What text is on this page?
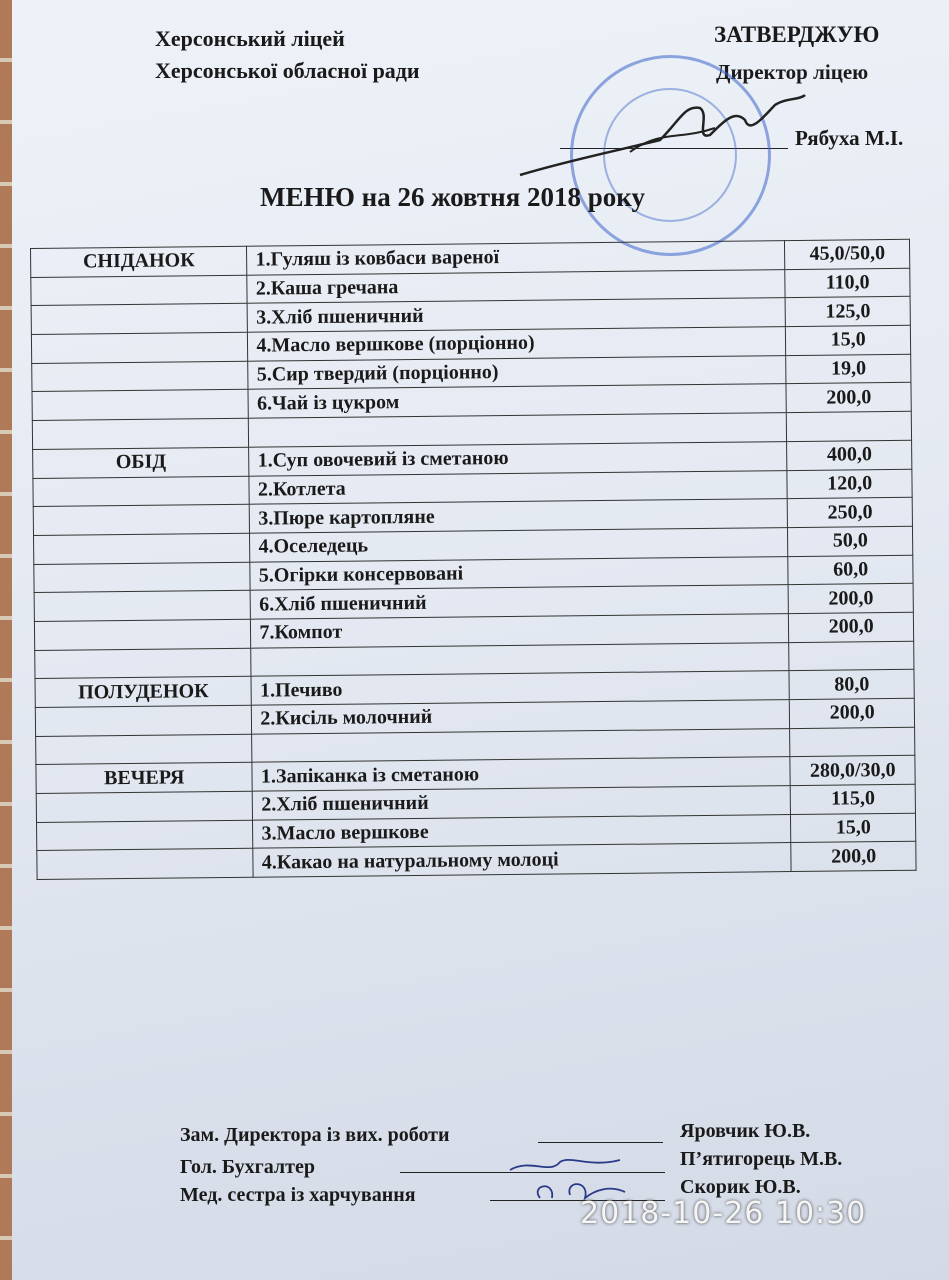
Херсонський ліцей
Херсонської обласної ради
ЗАТВЕРДЖУЮ
Директор ліцею
Рябуха М.І.
МЕНЮ на 26 жовтня 2018 року
СНІДАНОК	1.Гуляш із ковбаси вареної	45,0/50,0
	2.Каша гречана	110,0
	3.Хліб пшеничний	125,0
	4.Масло вершкове (порціонно)	15,0
	5.Сир твердий (порціонно)	19,0
	6.Чай із цукром	200,0

ОБІД	1.Суп овочевий із сметаною	400,0
	2.Котлета	120,0
	3.Пюре картопляне	250,0
	4.Оселедець	50,0
	5.Огірки консервовані	60,0
	6.Хліб пшеничний	200,0
	7.Компот	200,0

ПОЛУДЕНОК	1.Печиво	80,0
	2.Кисіль молочний	200,0

ВЕЧЕРЯ	1.Запіканка із сметаною	280,0/30,0
	2.Хліб пшеничний	115,0
	3.Масло вершкове	15,0
	4.Какао на натуральному молоці	200,0
Зам. Директора із вих. роботи	Яровчик Ю.В.
Гол. Бухгалтер	П’ятигорець М.В.
Мед. сестра із харчування	Скорик Ю.В.
2018-10-26 10:30
